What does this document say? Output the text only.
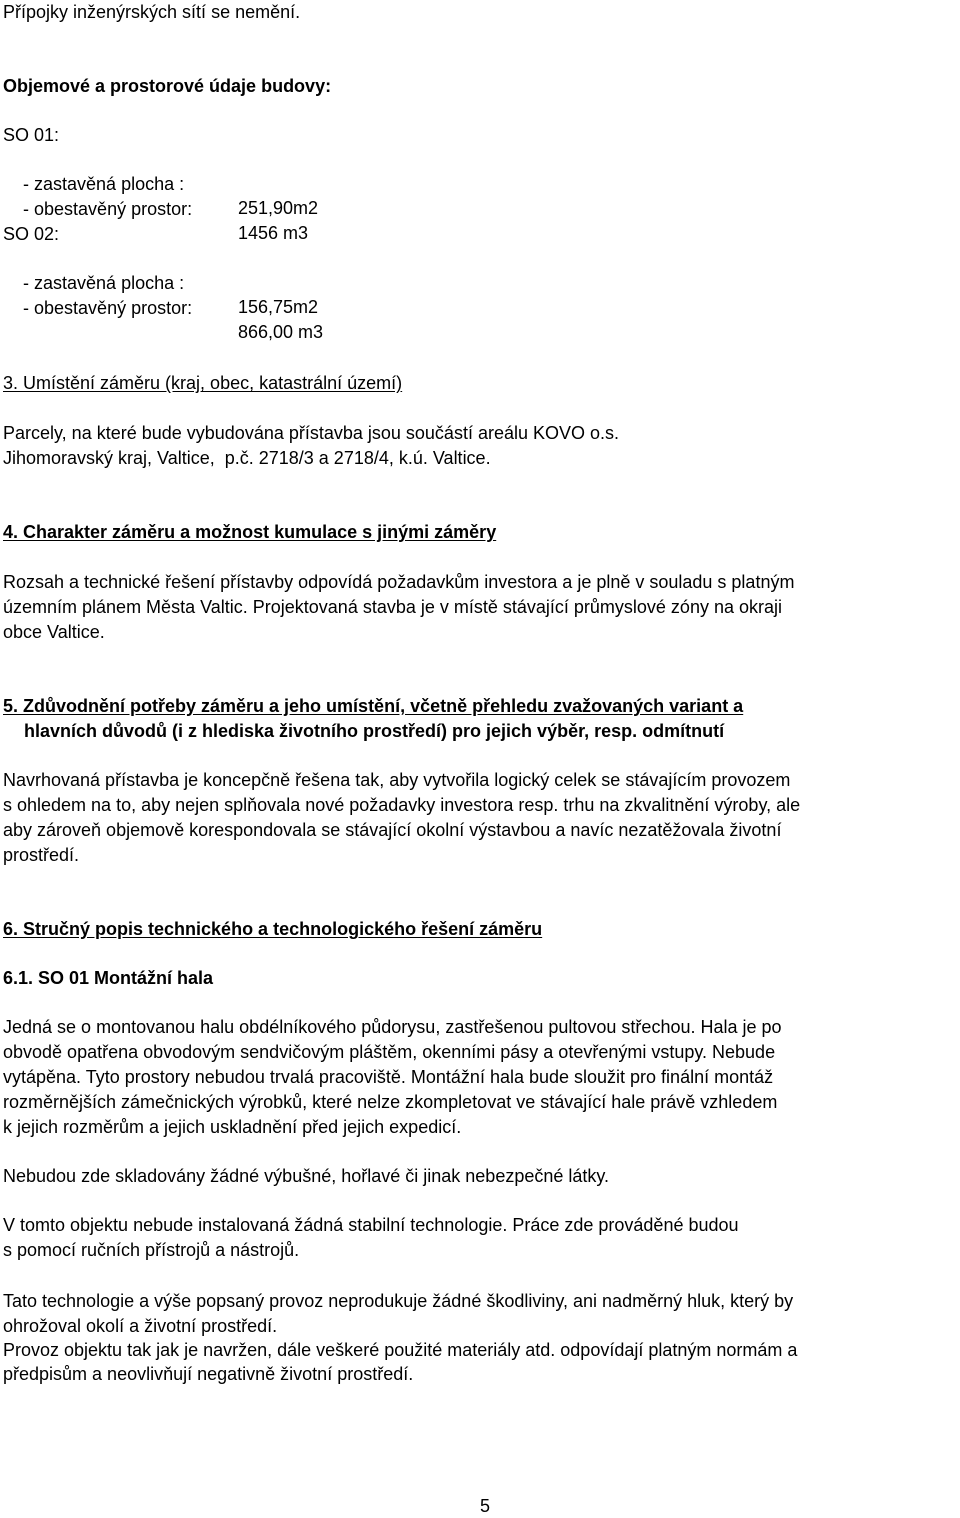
Přípojky inženýrských sítí se nemění.
Objemové a prostorové údaje budovy:
SO 01:

- zastavěná plocha :

251,90m2

- obestavěný prostor:

1456 m3

SO 02:

- zastavěná plocha :

156,75m2

- obestavěný prostor:

866,00 m3

3. Umístění záměru (kraj, obec, katastrální území)
Parcely, na které bude vybudována přístavba jsou součástí areálu KOVO o.s.
Jihomoravský kraj, Valtice,  p.č. 2718/3 a 2718/4, k.ú. Valtice.
4. Charakter záměru a možnost kumulace s jinými záměry
Rozsah a technické řešení přístavby odpovídá požadavkům investora a je plně v souladu s platným
územním plánem Města Valtic. Projektovaná stavba je v místě stávající průmyslové zóny na okraji
obce Valtice.
5. Zdůvodnění potřeby záměru a jeho umístění, včetně přehledu zvažovaných variant a
hlavních důvodů (i z hlediska životního prostředí) pro jejich výběr, resp. odmítnutí
Navrhovaná přístavba je koncepčně řešena tak, aby vytvořila logický celek se stávajícím provozem
s ohledem na to, aby nejen splňovala nové požadavky investora resp. trhu na zkvalitnění výroby, ale
aby zároveň objemově korespondovala se stávající okolní výstavbou a navíc nezatěžovala životní
prostředí.
6. Stručný popis technického a technologického řešení záměru
6.1. SO 01 Montážní hala
Jedná se o montovanou halu obdélníkového půdorysu, zastřešenou pultovou střechou. Hala je po
obvodě opatřena obvodovým sendvičovým pláštěm, okenními pásy a otevřenými vstupy. Nebude
vytápěna. Tyto prostory nebudou trvalá pracoviště. Montážní hala bude sloužit pro finální montáž
rozměrnějších zámečnických výrobků, které nelze zkompletovat ve stávající hale právě vzhledem
k jejich rozměrům a jejich uskladnění před jejich expedicí.
Nebudou zde skladovány žádné výbušné, hořlavé či jinak nebezpečné látky.
V tomto objektu nebude instalovaná žádná stabilní technologie. Práce zde prováděné budou
s pomocí ručních přístrojů a nástrojů.
Tato technologie a výše popsaný provoz neprodukuje žádné škodliviny, ani nadměrný hluk, který by
ohrožoval okolí a životní prostředí.
Provoz objektu tak jak je navržen, dále veškeré použité materiály atd. odpovídají platným normám a
předpisům a neovlivňují negativně životní prostředí.
5
